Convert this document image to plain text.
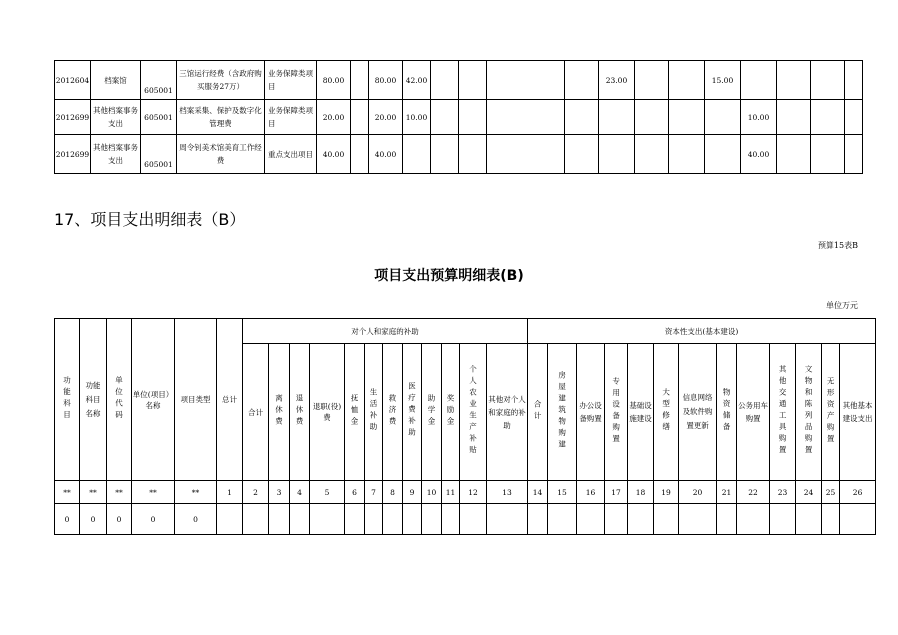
2012604	档案馆	605001	三馆运行经费（含政府购买服务27万）	业务保障类项目	80.00		80.00	42.00					23.00			15.00				
2012699	其他档案事务支出	605001	档案采集、保护及数字化管理费	业务保障类项目	20.00		20.00	10.00									10.00			
2012699	其他档案事务支出	605001	周令钊美术馆美育工作经费	重点支出项目	40.00		40.00										40.00			
17、项目支出明细表（B）
预算15表B
项目支出预算明细表(B)
单位万元
功能科目	功能
科目
名称	单位代码	单位(项目）名称	项目类型	总计	对个人和家庭的补助												资本性支出(基本建设)												
						合计	离休费	退休费	退职(役)费	抚恤金	生活补助	救济费	医疗费补助	助学金	奖励金	个人农业生产补贴	其他对个人和家庭的补助	合计	房屋建筑物购建	办公设备购置	专用设备购置	基础设施建设	大型修缮	信息网络及软件购置更新	物资储备	公务用车购置	其他交通工具购置	文物和陈列品购置	无形资产购置	其他基本建设支出
**	**	**	**	**	1	2	3	4	5	6	7	8	9	10	11	12	13	14	15	16	17	18	19	20	21	22	23	24	25	26
0	0	0	0	0																										
